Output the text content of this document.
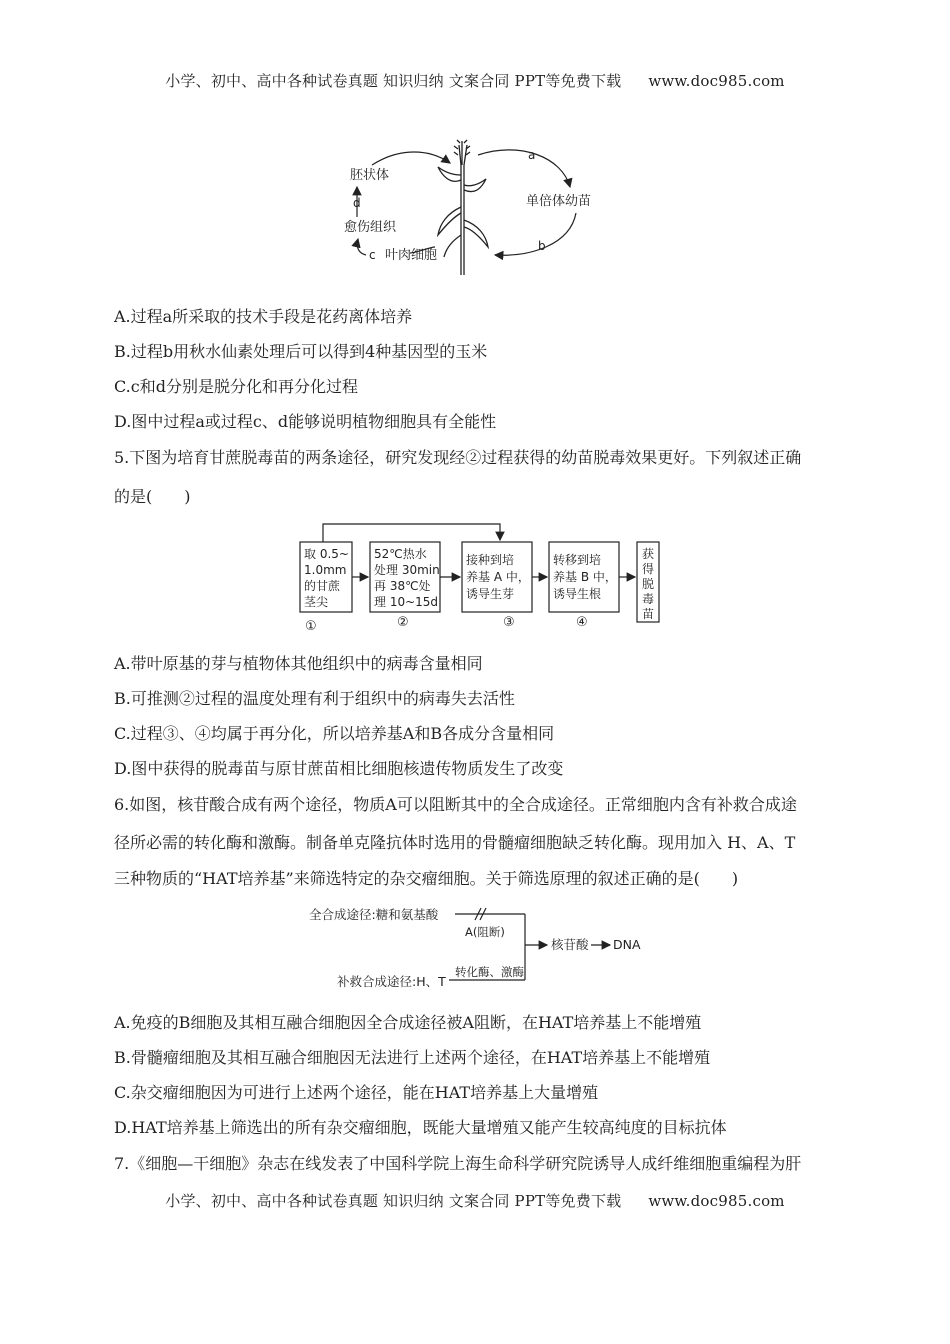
小学、初中、高中各种试卷真题 知识归纳 文案合同 PPT等免费下载 www.doc985.com
胚状体
d
愈伤组织
c 叶肉细胞
a
单倍体幼苗
b
A.过程a所采取的技术手段是花药离体培养
B.过程b用秋水仙素处理后可以得到4种基因型的玉米
C.c和d分别是脱分化和再分化过程
D.图中过程a或过程c、d能够说明植物细胞具有全能性
5.下图为培育甘蔗脱毒苗的两条途径，研究发现经②过程获得的幼苗脱毒效果更好。下列叙述正确
的是(　　)
取 0.5~
1.0mm
的甘蔗
茎尖
①
52℃热水
处理 30min
再 38℃处
理 10~15d
②
接种到培
养基 A 中，
诱导生芽
③
转移到培
养基 B 中，
诱导生根
④
获
得
脱
毒
苗
A.带叶原基的芽与植物体其他组织中的病毒含量相同
B.可推测②过程的温度处理有利于组织中的病毒失去活性
C.过程③、④均属于再分化，所以培养基A和B各成分含量相同
D.图中获得的脱毒苗与原甘蔗苗相比细胞核遗传物质发生了改变
6.如图，核苷酸合成有两个途径，物质A可以阻断其中的全合成途径。正常细胞内含有补救合成途
径所必需的转化酶和激酶。制备单克隆抗体时选用的骨髓瘤细胞缺乏转化酶。现用加入 H、A、T
三种物质的“HAT培养基”来筛选特定的杂交瘤细胞。关于筛选原理的叙述正确的是(　　)
全合成途径:糖和氨基酸
A(阻断)
补救合成途径:H、T
转化酶、激酶
核苷酸 DNA
A.免疫的B细胞及其相互融合细胞因全合成途径被A阻断，在HAT培养基上不能增殖
B.骨髓瘤细胞及其相互融合细胞因无法进行上述两个途径，在HAT培养基上不能增殖
C.杂交瘤细胞因为可进行上述两个途径，能在HAT培养基上大量增殖
D.HAT培养基上筛选出的所有杂交瘤细胞，既能大量增殖又能产生较高纯度的目标抗体
7.《细胞—干细胞》杂志在线发表了中国科学院上海生命科学研究院诱导人成纤维细胞重编程为肝
小学、初中、高中各种试卷真题 知识归纳 文案合同 PPT等免费下载 www.doc985.com
